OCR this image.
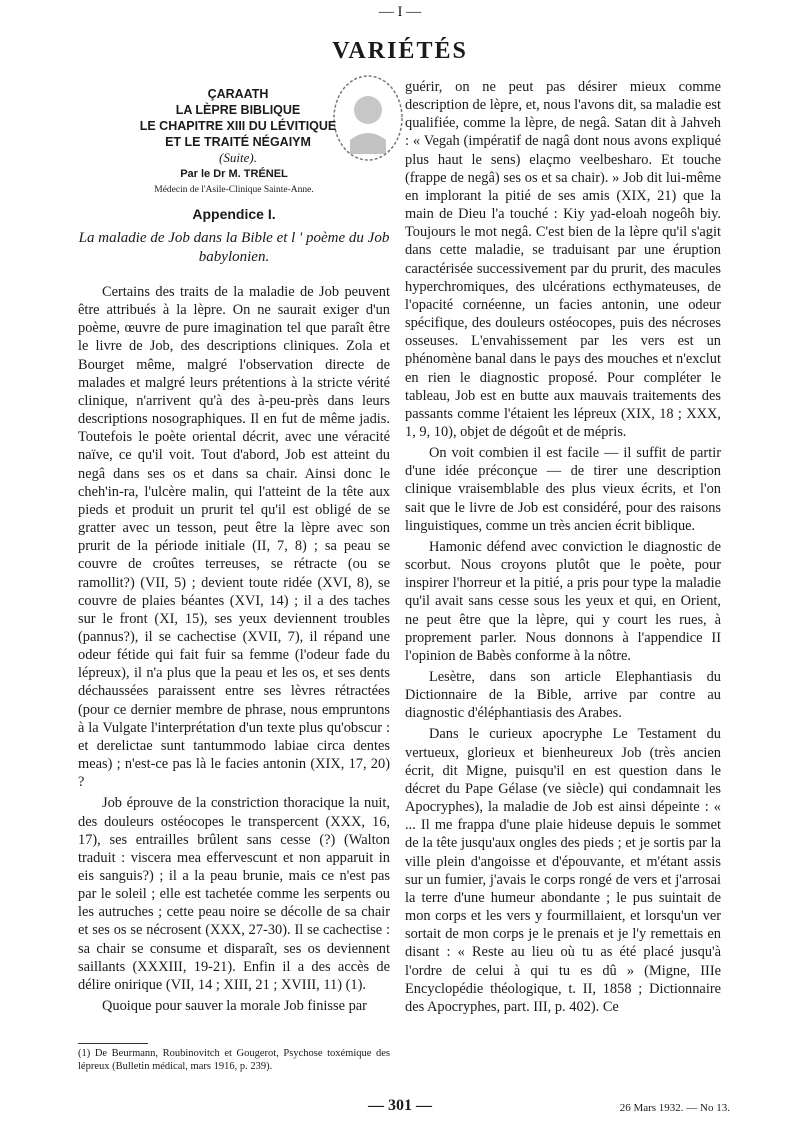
— I —
VARIÉTÉS
ÇARAATH
LA LÈPRE BIBLIQUE
LE CHAPITRE XIII DU LÉVITIQUE
ET LE TRAITÉ NÉGAIYM
(Suite).
Par le Dr M. TRÉNEL
Médecin de l'Asile-Clinique Sainte-Anne.
Appendice I.
La maladie de Job dans la Bible et l ' poème du Job babylonien.

Certains des traits de la maladie de Job peuvent être attribués à la lèpre. On ne saurait exiger d'un poème, œuvre de pure imagination tel que paraît être le livre de Job, des descriptions cliniques. Zola et Bourget même, malgré l'observation directe de malades et malgré leurs prétentions à la stricte vérité clinique, n'arrivent qu'à des à-peu-près dans leurs descriptions nosographiques. Il en fut de même jadis. Toutefois le poète oriental décrit, avec une véracité naïve, ce qu'il voit. Tout d'abord, Job est atteint du negâ dans ses os et dans sa chair. Ainsi donc le cheh'in-ra, l'ulcère malin, qui l'atteint de la tête aux pieds et produit un prurit tel qu'il est obligé de se gratter avec un tesson, peut être la lèpre avec son prurit de la période initiale (II, 7, 8) ; sa peau se couvre de croûtes terreuses, se rétracte (ou se ramollit?) (VII, 5) ; devient toute ridée (XVI, 8), se couvre de plaies béantes (XVI, 14) ; il a des taches sur le front (XI, 15), ses yeux deviennent troubles (pannus?), il se cachectise (XVII, 7), il répand une odeur fétide qui fait fuir sa femme (l'odeur fade du lépreux), il n'a plus que la peau et les os, et ses dents déchaussées paraissent entre ses lèvres rétractées (pour ce dernier membre de phrase, nous empruntons à la Vulgate l'interprétation d'un texte plus qu'obscur : et derelictae sunt tantummodo labiae circa dentes meas) ; n'est-ce pas là le facies antonin (XIX, 17, 20) ?

Job éprouve de la constriction thoracique la nuit, des douleurs ostéocopes le transpercent (XXX, 16, 17), ses entrailles brûlent sans cesse (?) (Walton traduit : viscera mea effervescunt et non apparuit in eis sanguis?) ; il a la peau brunie, mais ce n'est pas par le soleil ; elle est tachetée comme les serpents ou les autruches ; cette peau noire se décolle de sa chair et ses os se nécrosent (XXX, 27-30). Il se cachectise : sa chair se consume et disparaît, ses os deviennent saillants (XXXIII, 19-21). Enfin il a des accès de délire onirique (VII, 14 ; XIII, 21 ; XVIII, 11) (1).

Quoique pour sauver la morale Job finisse par

guérir, on ne peut pas désirer mieux comme description de lèpre, et, nous l'avons dit, sa maladie est qualifiée, comme la lèpre, de negâ. Satan dit à Jahveh : « Vegah (impératif de nagâ dont nous avons expliqué plus haut le sens) elaçmo veelbesharo. Et touche (frappe de negâ) ses os et sa chair). » Job dit lui-même en implorant la pitié de ses amis (XIX, 21) que la main de Dieu l'a touché : Kiy yad-eloah nogeôh biy. Toujours le mot negâ. C'est bien de la lèpre qu'il s'agit dans cette maladie, se traduisant par une éruption caractérisée successivement par du prurit, des macules hyperchromiques, des ulcérations ecthymateuses, de l'opacité cornéenne, un facies antonin, une odeur spécifique, des douleurs ostéocopes, puis des nécroses osseuses. L'envahissement par les vers est un phénomène banal dans le pays des mouches et n'exclut en rien le diagnostic proposé. Pour compléter le tableau, Job est en butte aux mauvais traitements des passants comme l'étaient les lépreux (XIX, 18 ; XXX, 1, 9, 10), objet de dégoût et de mépris.

On voit combien il est facile — il suffit de partir d'une idée préconçue — de tirer une description clinique vraisemblable des plus vieux écrits, et l'on sait que le livre de Job est considéré, pour des raisons linguistiques, comme un très ancien écrit biblique.

Hamonic défend avec conviction le diagnostic de scorbut. Nous croyons plutôt que le poète, pour inspirer l'horreur et la pitié, a pris pour type la maladie qu'il avait sans cesse sous les yeux et qui, en Orient, ne peut être que la lèpre, qui y court les rues, à proprement parler. Nous donnons à l'appendice II l'opinion de Babès conforme à la nôtre.

Lesètre, dans son article Elephantiasis du Dictionnaire de la Bible, arrive par contre au diagnostic d'éléphantiasis des Arabes.

Dans le curieux apocryphe Le Testament du vertueux, glorieux et bienheureux Job (très ancien écrit, dit Migne, puisqu'il en est question dans le décret du Pape Gélase (ve siècle) qui condamnait les Apocryphes), la maladie de Job est ainsi dépeinte : « ... Il me frappa d'une plaie hideuse depuis le sommet de la tête jusqu'aux ongles des pieds ; et je sortis par la ville plein d'angoisse et d'épouvante, et m'étant assis sur un fumier, j'avais le corps rongé de vers et j'arrosai la terre d'une humeur abondante ; le pus suintait de mon corps et les vers y fourmillaient, et lorsqu'un ver sortait de mon corps je le prenais et je l'y remettais en disant : « Reste au lieu où tu as été placé jusqu'à l'ordre de celui à qui tu es dû » (Migne, IIIe Encyclopédie théologique, t. II, 1858 ; Dictionnaire des Apocryphes, part. III, p. 402). Ce

(1) De Beurmann, Roubinovitch et Gougerot, Psychose toxémique des lépreux (Bulletin médical, mars 1916, p. 239).
— 301 —	26 Mars 1932. — No 13.
